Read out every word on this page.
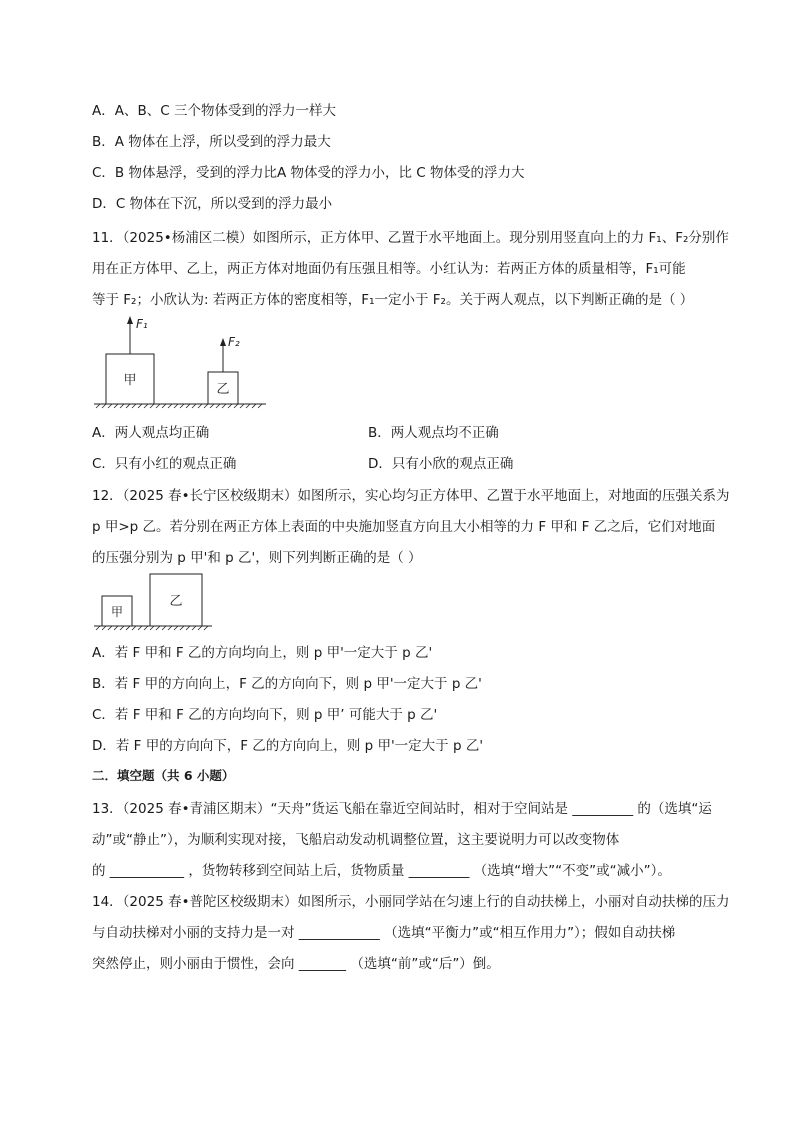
A．A、B、C 三个物体受到的浮力一样大
B．A 物体在上浮，所以受到的浮力最大
C．B 物体悬浮，受到的浮力比A 物体受的浮力小，比 C 物体受的浮力大
D．C 物体在下沉，所以受到的浮力最小
11．（2025•杨浦区二模）如图所示，正方体甲、乙置于水平地面上。现分别用竖直向上的力 F₁、F₂分别作
用在正方体甲、乙上，两正方体对地面仍有压强且相等。小红认为：若两正方体的质量相等，F₁可能
等于 F₂；小欣认为: 若两正方体的密度相等，F₁一定小于 F₂。关于两人观点，以下判断正确的是（ ）
甲
F₁
乙
F₂
A．两人观点均正确	B．两人观点均不正确
C．只有小红的观点正确	D．只有小欣的观点正确
12．（2025 春•长宁区校级期末）如图所示，实心均匀正方体甲、乙置于水平地面上，对地面的压强关系为
p 甲>p 乙。若分别在两正方体上表面的中央施加竖直方向且大小相等的力 F 甲和 F 乙之后，它们对地面
的压强分别为 p 甲'和 p 乙'，则下列判断正确的是（ ）
甲
乙
A．若 F 甲和 F 乙的方向均向上，则 p 甲'一定大于 p 乙'
B．若 F 甲的方向向上，F 乙的方向向下，则 p 甲'一定大于 p 乙'
C．若 F 甲和 F 乙的方向均向下，则 p 甲’ 可能大于 p 乙'
D．若 F 甲的方向向下，F 乙的方向向上，则 p 甲'一定大于 p 乙'
二．填空题（共 6 小题）
13．（2025 春•青浦区期末）“天舟”货运飞船在靠近空间站时，相对于空间站是 _________ 的（选填“运
动”或“静止”），为顺利实现对接，飞船启动发动机调整位置，这主要说明力可以改变物体
的 ___________ ，货物转移到空间站上后，货物质量 _________ （选填“增大”“不变”或“减小”）。
14．（2025 春•普陀区校级期末）如图所示，小丽同学站在匀速上行的自动扶梯上，小丽对自动扶梯的压力
与自动扶梯对小丽的支持力是一对 ____________ （选填“平衡力”或“相互作用力”）；假如自动扶梯
突然停止，则小丽由于惯性，会向 _______ （选填“前”或“后”）倒。
